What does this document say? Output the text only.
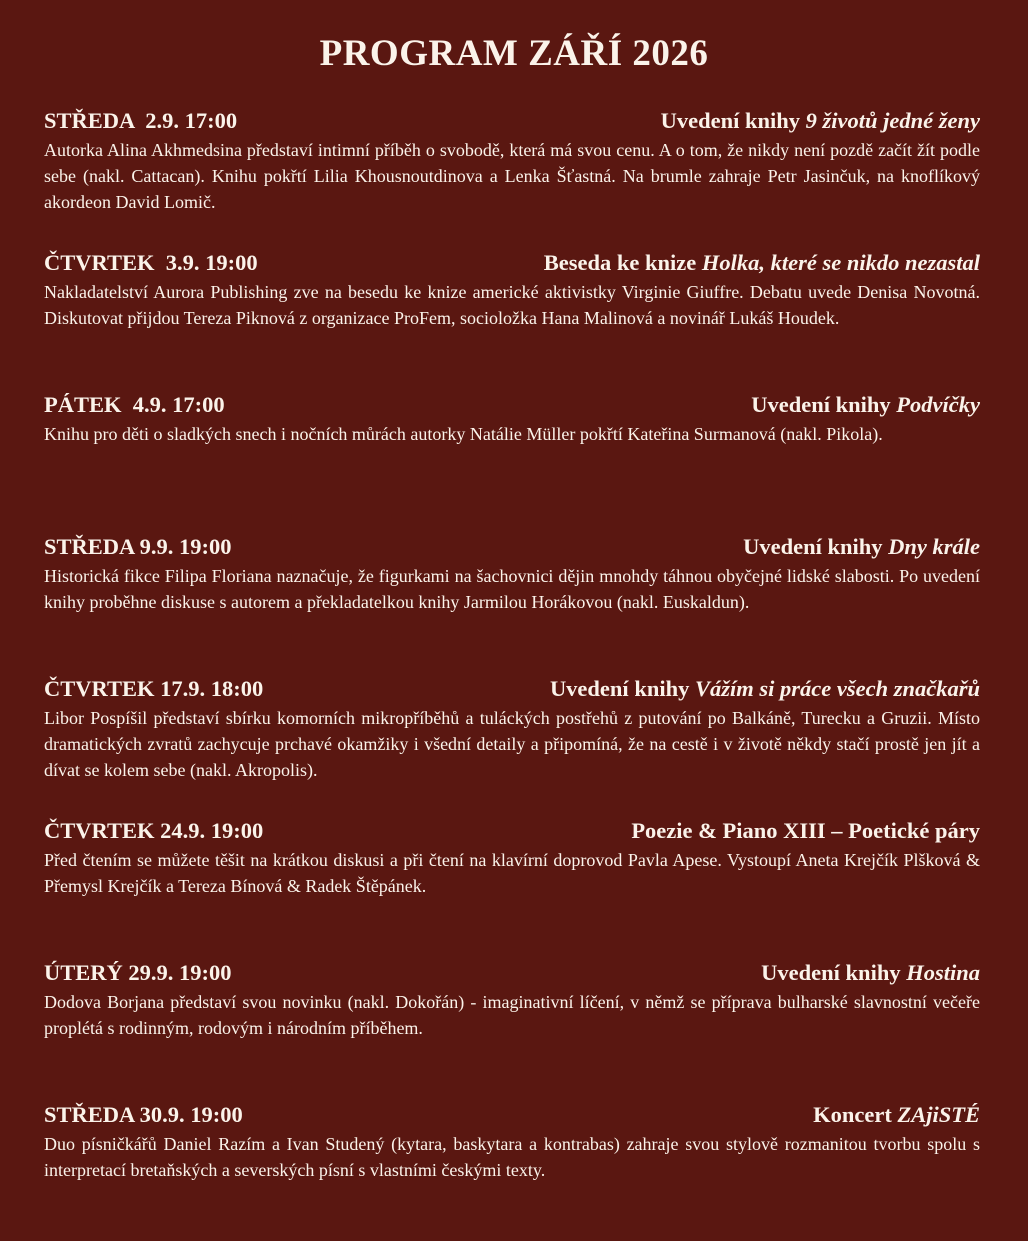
PROGRAM ZÁŘÍ 2026
STŘEDA  2.9. 17:00	Uvedení knihy 9 životů jedné ženy

Autorka Alina Akhmedsina představí intimní příběh o svobodě, která má svou cenu. A o tom, že nikdy není pozdě začít žít podle sebe (nakl. Cattacan). Knihu pokřtí Lilia Khousnoutdinova a Lenka Šťastná. Na brumle zahraje Petr Jasinčuk, na knoflíkový akordeon David Lomič.

ČTVRTEK  3.9. 19:00	Beseda ke knize Holka, které se nikdo nezastal

Nakladatelství Aurora Publishing zve na besedu ke knize americké aktivistky Virginie Giuffre. Debatu uvede Denisa Novotná. Diskutovat přijdou Tereza Piknová z organizace ProFem, socioložka Hana Malinová a novinář Lukáš Houdek.

PÁTEK  4.9. 17:00	Uvedení knihy Podvíčky

Knihu pro děti o sladkých snech i nočních můrách autorky Natálie Müller pokřtí Kateřina Surmanová (nakl. Pikola).

STŘEDA 9.9. 19:00	Uvedení knihy Dny krále

Historická fikce Filipa Floriana naznačuje, že figurkami na šachovnici dějin mnohdy táhnou obyčejné lidské slabosti. Po uvedení knihy proběhne diskuse s autorem a překladatelkou knihy Jarmilou Horákovou (nakl. Euskaldun).

ČTVRTEK 17.9. 18:00	Uvedení knihy Vážím si práce všech značkařů

Libor Pospíšil představí sbírku komorních mikropříběhů a tuláckých postřehů z putování po Balkáně, Turecku a Gruzii. Místo dramatických zvratů zachycuje prchavé okamžiky i všední detaily a připomíná, že na cestě i v životě někdy stačí prostě jen jít a dívat se kolem sebe (nakl. Akropolis).

ČTVRTEK 24.9. 19:00	Poezie & Piano XIII – Poetické páry

Před čtením se můžete těšit na krátkou diskusi a při čtení na klavírní doprovod Pavla Apese. Vystoupí Aneta Krejčík Plšková & Přemysl Krejčík a Tereza Bínová & Radek Štěpánek.

ÚTERÝ 29.9. 19:00	Uvedení knihy Hostina

Dodova Borjana představí svou novinku (nakl. Dokořán) - imaginativní líčení, v němž se příprava bulharské slavnostní večeře proplétá s rodinným, rodovým i národním příběhem.

STŘEDA 30.9. 19:00	Koncert ZAjiSTÉ

Duo písničkářů Daniel Razím a Ivan Studený (kytara, baskytara a kontrabas) zahraje svou stylově rozmanitou tvorbu spolu s interpretací bretaňských a severských písní s vlastními českými texty.
